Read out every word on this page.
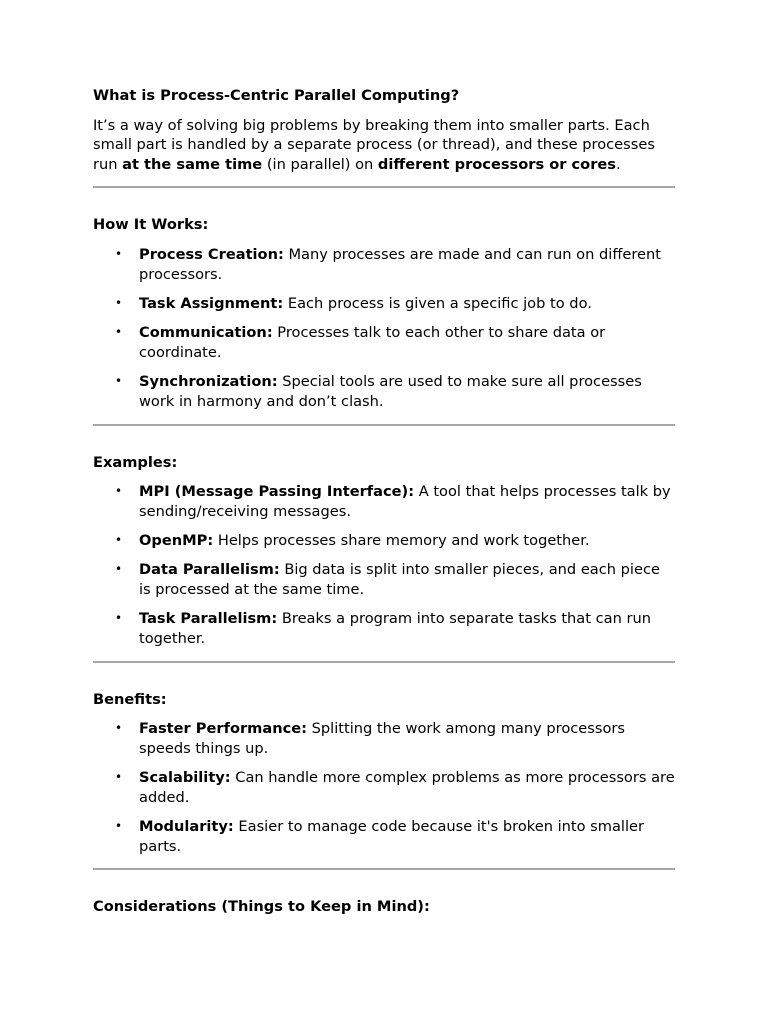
What is Process-Centric Parallel Computing?

It’s a way of solving big problems by breaking them into smaller parts. Each small part is handled by a separate process (or thread), and these processes run at the same time (in parallel) on different processors or cores.

How It Works:
• Process Creation: Many processes are made and can run on different processors.
• Task Assignment: Each process is given a specific job to do.
• Communication: Processes talk to each other to share data or coordinate.
• Synchronization: Special tools are used to make sure all processes work in harmony and don’t clash.
Examples:
• MPI (Message Passing Interface): A tool that helps processes talk by sending/receiving messages.
• OpenMP: Helps processes share memory and work together.
• Data Parallelism: Big data is split into smaller pieces, and each piece is processed at the same time.
• Task Parallelism: Breaks a program into separate tasks that can run together.
Benefits:
• Faster Performance: Splitting the work among many processors speeds things up.
• Scalability: Can handle more complex problems as more processors are added.
• Modularity: Easier to manage code because it's broken into smaller parts.
Considerations (Things to Keep in Mind):
